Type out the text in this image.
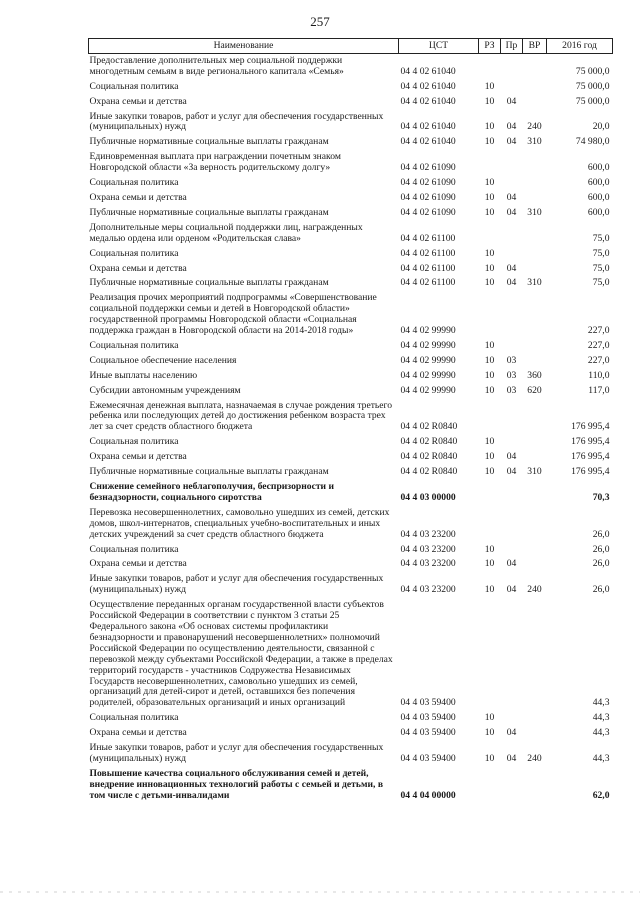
257
Наименование	ЦСТ	РЗ	Пр	ВР	2016 год
Предоставление дополнительных мер социальной поддержки многодетным семьям в виде регионального капитала «Семья»	04 4 02 61040				75 000,0
Социальная политика	04 4 02 61040	10			75 000,0
Охрана семьи и детства	04 4 02 61040	10	04		75 000,0
Иные закупки товаров, работ и услуг для обеспечения государственных (муниципальных) нужд	04 4 02 61040	10	04	240	20,0
Публичные нормативные социальные выплаты гражданам	04 4 02 61040	10	04	310	74 980,0
Единовременная выплата при награждении почетным знаком Новгородской области «За верность родительскому долгу»	04 4 02 61090				600,0
Социальная политика	04 4 02 61090	10			600,0
Охрана семьи и детства	04 4 02 61090	10	04		600,0
Публичные нормативные социальные выплаты гражданам	04 4 02 61090	10	04	310	600,0
Дополнительные меры социальной поддержки лиц, награжденных медалью ордена или орденом «Родительская слава»	04 4 02 61100				75,0
Социальная политика	04 4 02 61100	10			75,0
Охрана семьи и детства	04 4 02 61100	10	04		75,0
Публичные нормативные социальные выплаты гражданам	04 4 02 61100	10	04	310	75,0
Реализация прочих мероприятий подпрограммы «Совершенствование социальной поддержки семьи и детей в Новгородской области» государственной программы Новгородской области «Социальная поддержка граждан в Новгородской области на 2014-2018 годы»	04 4 02 99990				227,0
Социальная политика	04 4 02 99990	10			227,0
Социальное обеспечение населения	04 4 02 99990	10	03		227,0
Иные выплаты населению	04 4 02 99990	10	03	360	110,0
Субсидии автономным учреждениям	04 4 02 99990	10	03	620	117,0
Ежемесячная денежная выплата, назначаемая в случае рождения третьего ребенка или последующих детей до достижения ребенком возраста трех лет за счет средств областного бюджета	04 4 02 R0840				176 995,4
Социальная политика	04 4 02 R0840	10			176 995,4
Охрана семьи и детства	04 4 02 R0840	10	04		176 995,4
Публичные нормативные социальные выплаты гражданам	04 4 02 R0840	10	04	310	176 995,4
Снижение семейного неблагополучия, беспризорности и безнадзорности, социального сиротства	04 4 03 00000				70,3
Перевозка несовершеннолетних, самовольно ушедших из семей, детских домов, школ-интернатов, специальных учебно-воспитательных и иных детских учреждений за счет средств областного бюджета	04 4 03 23200				26,0
Социальная политика	04 4 03 23200	10			26,0
Охрана семьи и детства	04 4 03 23200	10	04		26,0
Иные закупки товаров, работ и услуг для обеспечения государственных (муниципальных) нужд	04 4 03 23200	10	04	240	26,0
Осуществление переданных органам государственной власти субъектов Российской Федерации в соответствии с пунктом 3 статьи 25 Федерального закона «Об основах системы профилактики безнадзорности и правонарушений несовершеннолетних» полномочий Российской Федерации по осуществлению деятельности, связанной с перевозкой между субъектами Российской Федерации, а также в пределах территорий государств - участников Содружества Независимых Государств несовершеннолетних, самовольно ушедших из семей, организаций для детей-сирот и детей, оставшихся без попечения родителей, образовательных организаций и иных организаций	04 4 03 59400				44,3
Социальная политика	04 4 03 59400	10			44,3
Охрана семьи и детства	04 4 03 59400	10	04		44,3
Иные закупки товаров, работ и услуг для обеспечения государственных (муниципальных) нужд	04 4 03 59400	10	04	240	44,3
Повышение качества социального обслуживания семей и детей, внедрение инновационных технологий работы с семьей и детьми, в том числе с детьми-инвалидами	04 4 04 00000				62,0
